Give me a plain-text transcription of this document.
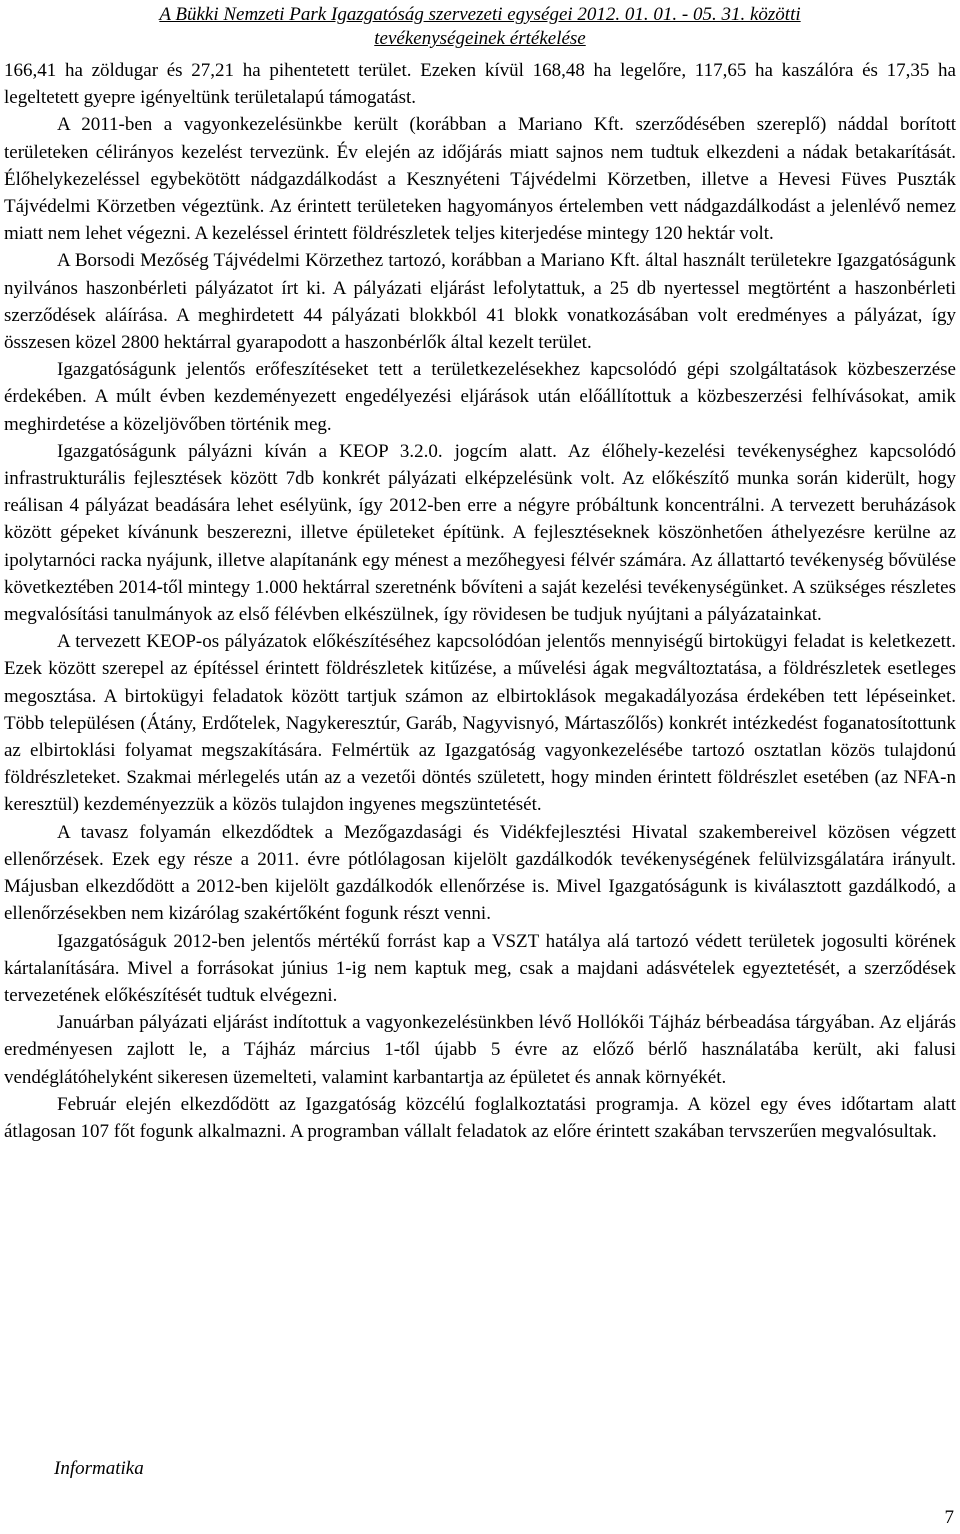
A Bükki Nemzeti Park Igazgatóság szervezeti egységei 2012. 01. 01. - 05. 31. közötti
tevékenységeinek értékelése

166,41 ha zöldugar és 27,21 ha pihentetett terület. Ezeken kívül 168,48 ha legelőre, 117,65 ha kaszálóra és 17,35 ha legeltetett gyepre igényeltünk területalapú támogatást.

A 2011-ben a vagyonkezelésünkbe került (korábban a Mariano Kft. szerződésében szereplő) náddal borított területeken célirányos kezelést tervezünk. Év elején az időjárás miatt sajnos nem tudtuk elkezdeni a nádak betakarítását. Élőhelykezeléssel egybekötött nádgazdálkodást a Kesznyéteni Tájvédelmi Körzetben, illetve a Hevesi Füves Puszták Tájvédelmi Körzetben végeztünk. Az érintett területeken hagyományos értelemben vett nádgazdálkodást a jelenlévő nemez miatt nem lehet végezni. A kezeléssel érintett földrészletek teljes kiterjedése mintegy 120 hektár volt.

A Borsodi Mezőség Tájvédelmi Körzethez tartozó, korábban a Mariano Kft. által használt területekre Igazgatóságunk nyilvános haszonbérleti pályázatot írt ki. A pályázati eljárást lefolytattuk, a 25 db nyertessel megtörtént a haszonbérleti szerződések aláírása. A meghirdetett 44 pályázati blokkból 41 blokk vonatkozásában volt eredményes a pályázat, így összesen közel 2800 hektárral gyarapodott a haszonbérlők által kezelt terület.

Igazgatóságunk jelentős erőfeszítéseket tett a területkezelésekhez kapcsolódó gépi szolgáltatások közbeszerzése érdekében. A múlt évben kezdeményezett engedélyezési eljárások után előállítottuk a közbeszerzési felhívásokat, amik meghirdetése a közeljövőben történik meg.

Igazgatóságunk pályázni kíván a KEOP 3.2.0. jogcím alatt. Az élőhely-kezelési tevékenységhez kapcsolódó infrastrukturális fejlesztések között 7db konkrét pályázati elképzelésünk volt. Az előkészítő munka során kiderült, hogy reálisan 4 pályázat beadására lehet esélyünk, így 2012-ben erre a négyre próbáltunk koncentrálni. A tervezett beruházások között gépeket kívánunk beszerezni, illetve épületeket építünk. A fejlesztéseknek köszönhetően áthelyezésre kerülne az ipolytarnóci racka nyájunk, illetve alapítanánk egy ménest a mezőhegyesi félvér számára. Az állattartó tevékenység bővülése következtében 2014-től mintegy 1.000 hektárral szeretnénk bővíteni a saját kezelési tevékenységünket. A szükséges részletes megvalósítási tanulmányok az első félévben elkészülnek, így rövidesen be tudjuk nyújtani a pályázatainkat.

A tervezett KEOP-os pályázatok előkészítéséhez kapcsolódóan jelentős mennyiségű birtokügyi feladat is keletkezett. Ezek között szerepel az építéssel érintett földrészletek kitűzése, a művelési ágak megváltoztatása, a földrészletek esetleges megosztása. A birtokügyi feladatok között tartjuk számon az elbirtoklások megakadályozása érdekében tett lépéseinket. Több településen (Átány, Erdőtelek, Nagykeresztúr, Garáb, Nagyvisnyó, Mártaszőlős) konkrét intézkedést foganatosítottunk az elbirtoklási folyamat megszakítására. Felmértük az Igazgatóság vagyonkezelésébe tartozó osztatlan közös tulajdonú földrészleteket. Szakmai mérlegelés után az a vezetői döntés született, hogy minden érintett földrészlet esetében (az NFA-n keresztül) kezdeményezzük a közös tulajdon ingyenes megszüntetését.

A tavasz folyamán elkezdődtek a Mezőgazdasági és Vidékfejlesztési Hivatal szakembereivel közösen végzett ellenőrzések. Ezek egy része a 2011. évre pótlólagosan kijelölt gazdálkodók tevékenységének felülvizsgálatára irányult. Májusban elkezdődött a 2012-ben kijelölt gazdálkodók ellenőrzése is. Mivel Igazgatóságunk is kiválasztott gazdálkodó, a ellenőrzésekben nem kizárólag szakértőként fogunk részt venni.

Igazgatóságuk 2012-ben jelentős mértékű forrást kap a VSZT hatálya alá tartozó védett területek jogosulti körének kártalanítására. Mivel a forrásokat június 1-ig nem kaptuk meg, csak a majdani adásvételek egyeztetését, a szerződések tervezetének előkészítését tudtuk elvégezni.

Januárban pályázati eljárást indítottuk a vagyonkezelésünkben lévő Hollókői Tájház bérbeadása tárgyában. Az eljárás eredményesen zajlott le, a Tájház március 1-től újabb 5 évre az előző bérlő használatába került, aki falusi vendéglátóhelyként sikeresen üzemelteti, valamint karbantartja az épületet és annak környékét.

Február elején elkezdődött az Igazgatóság közcélú foglalkoztatási programja. A közel egy éves időtartam alatt átlagosan 107 főt fogunk alkalmazni. A programban vállalt feladatok az előre érintett szakában tervszerűen megvalósultak.

Informatika
7
